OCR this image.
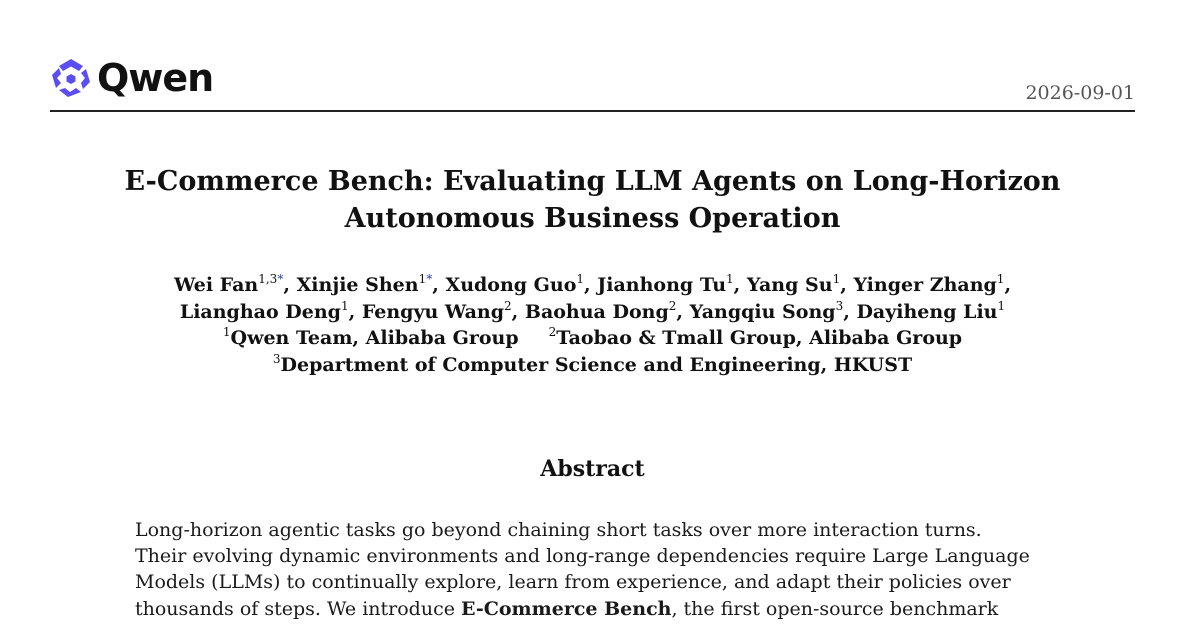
Qwen	2026-09-01
E-Commerce Bench: Evaluating LLM Agents on Long-Horizon
Autonomous Business Operation
Wei Fan$^{1,3*}$, Xinjie Shen$^{1*}$, Xudong Guo$^1$, Jianhong Tu$^1$, Yang Su$^1$, Yinger Zhang$^1$,
Lianghao Deng$^1$, Fengyu Wang$^2$, Baohua Dong$^2$, Yangqiu Song$^3$, Dayiheng Liu$^1$
$^1$Qwen Team, Alibaba Group	$^2$Taobao & Tmall Group, Alibaba Group
$^3$Department of Computer Science and Engineering, HKUST
Abstract
Long-horizon agentic tasks go beyond chaining short tasks over more interaction turns.
Their evolving dynamic environments and long-range dependencies require Large Language
Models (LLMs) to continually explore, learn from experience, and adapt their policies over
thousands of steps. We introduce E-Commerce Bench, the first open-source benchmark
